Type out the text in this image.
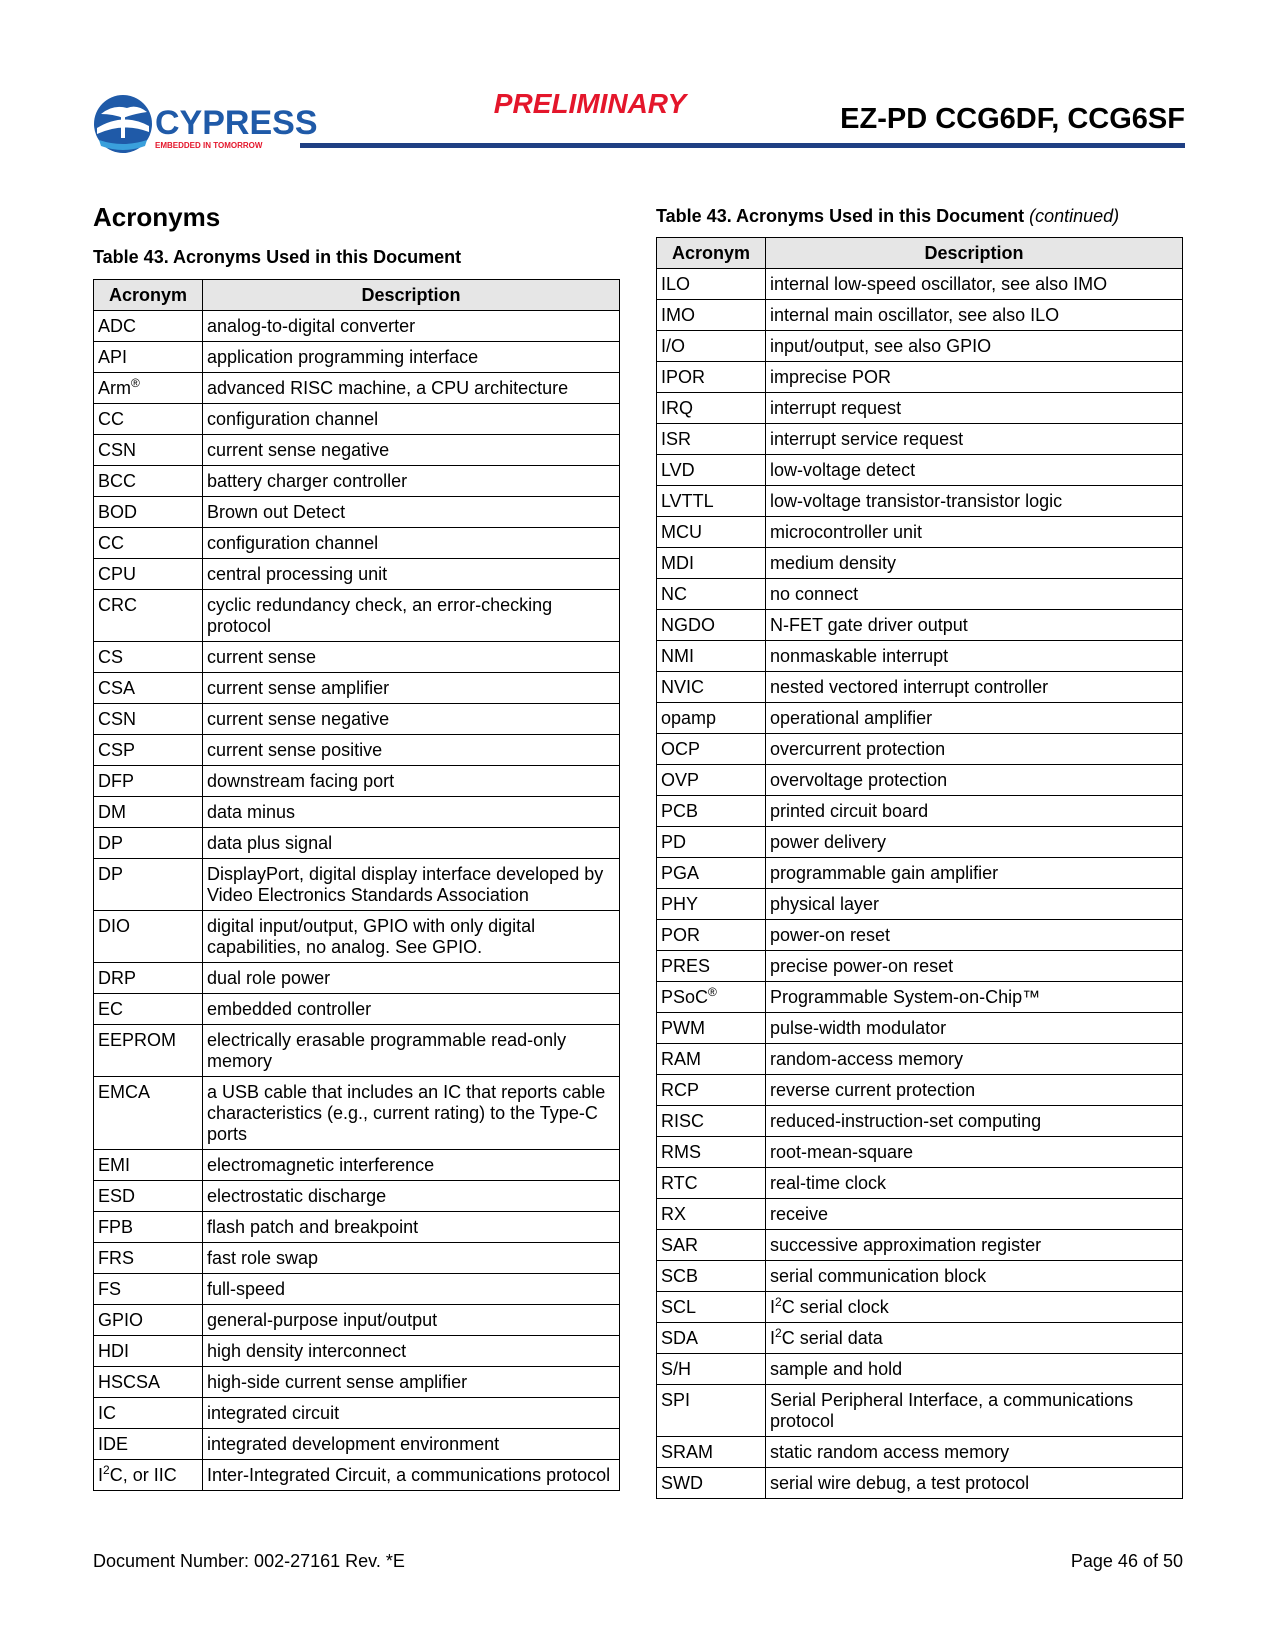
CYPRESS
EMBEDDED IN TOMORROW
PRELIMINARY	EZ-PD CCG6DF, CCG6SF
Acronyms
Table 43. Acronyms Used in this Document
Acronym	Description
ADC	analog-to-digital converter
API	application programming interface
Arm®	advanced RISC machine, a CPU architecture
CC	configuration channel
CSN	current sense negative
BCC	battery charger controller
BOD	Brown out Detect
CC	configuration channel
CPU	central processing unit
CRC	cyclic redundancy check, an error-checking protocol
CS	current sense
CSA	current sense amplifier
CSN	current sense negative
CSP	current sense positive
DFP	downstream facing port
DM	data minus
DP	data plus signal
DP	DisplayPort, digital display interface developed by Video Electronics Standards Association
DIO	digital input/output, GPIO with only digital capabilities, no analog. See GPIO.
DRP	dual role power
EC	embedded controller
EEPROM	electrically erasable programmable read-only memory
EMCA	a USB cable that includes an IC that reports cable characteristics (e.g., current rating) to the Type-C ports
EMI	electromagnetic interference
ESD	electrostatic discharge
FPB	flash patch and breakpoint
FRS	fast role swap
FS	full-speed
GPIO	general-purpose input/output
HDI	high density interconnect
HSCSA	high-side current sense amplifier
IC	integrated circuit
IDE	integrated development environment
$I^2C$, or IIC	Inter-Integrated Circuit, a communications protocol
Table 43. Acronyms Used in this Document (continued)
Acronym	Description
ILO	internal low-speed oscillator, see also IMO
IMO	internal main oscillator, see also ILO
I/O	input/output, see also GPIO
IPOR	imprecise POR
IRQ	interrupt request
ISR	interrupt service request
LVD	low-voltage detect
LVTTL	low-voltage transistor-transistor logic
MCU	microcontroller unit
MDI	medium density
NC	no connect
NGDO	N-FET gate driver output
NMI	nonmaskable interrupt
NVIC	nested vectored interrupt controller
opamp	operational amplifier
OCP	overcurrent protection
OVP	overvoltage protection
PCB	printed circuit board
PD	power delivery
PGA	programmable gain amplifier
PHY	physical layer
POR	power-on reset
PRES	precise power-on reset
PSoC®	Programmable System-on-Chip™
PWM	pulse-width modulator
RAM	random-access memory
RCP	reverse current protection
RISC	reduced-instruction-set computing
RMS	root-mean-square
RTC	real-time clock
RX	receive
SAR	successive approximation register
SCB	serial communication block
SCL	$I^2C$ serial clock
SDA	$I^2C$ serial data
S/H	sample and hold
SPI	Serial Peripheral Interface, a communications protocol
SRAM	static random access memory
SWD	serial wire debug, a test protocol
Document Number: 002-27161 Rev. *E	Page 46 of 50
